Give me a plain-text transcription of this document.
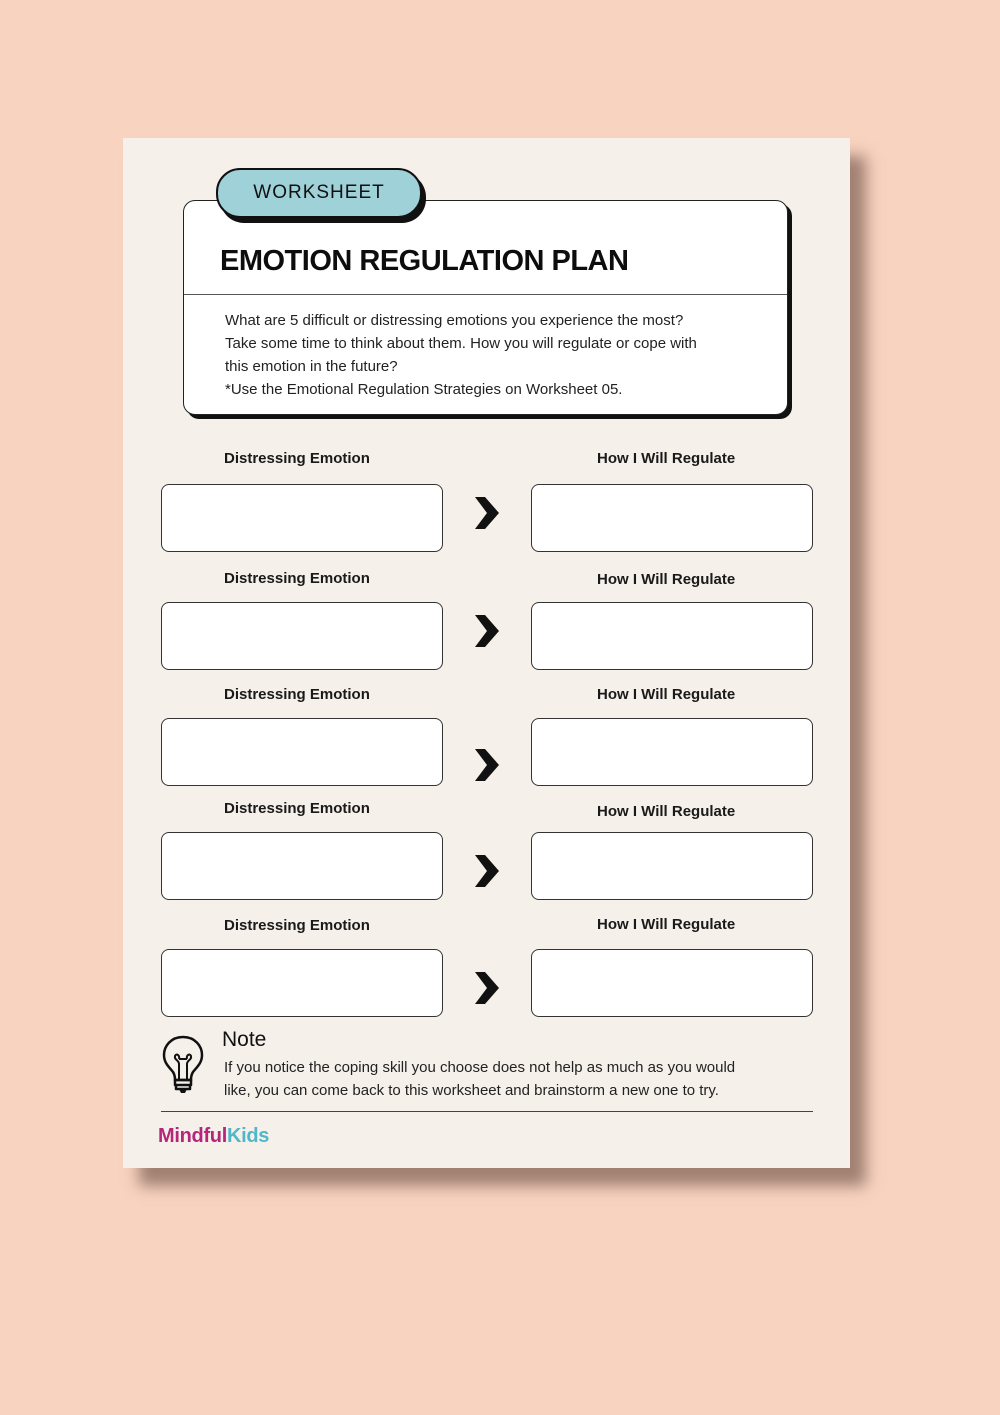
WORKSHEET
EMOTION REGULATION PLAN

What are 5 difficult or distressing emotions you experience the most?

Take some time to think about them. How you will regulate or cope with

this emotion in the future?

*Use the Emotional Regulation Strategies on Worksheet 05.

Distressing Emotion	How I Will Regulate
Distressing Emotion	How I Will Regulate
Distressing Emotion	How I Will Regulate
Distressing Emotion	How I Will Regulate
Distressing Emotion	How I Will Regulate
Note
If you notice the coping skill you choose does not help as much as you would
like, you can come back to this worksheet and brainstorm a new one to try.
MindfulKids
